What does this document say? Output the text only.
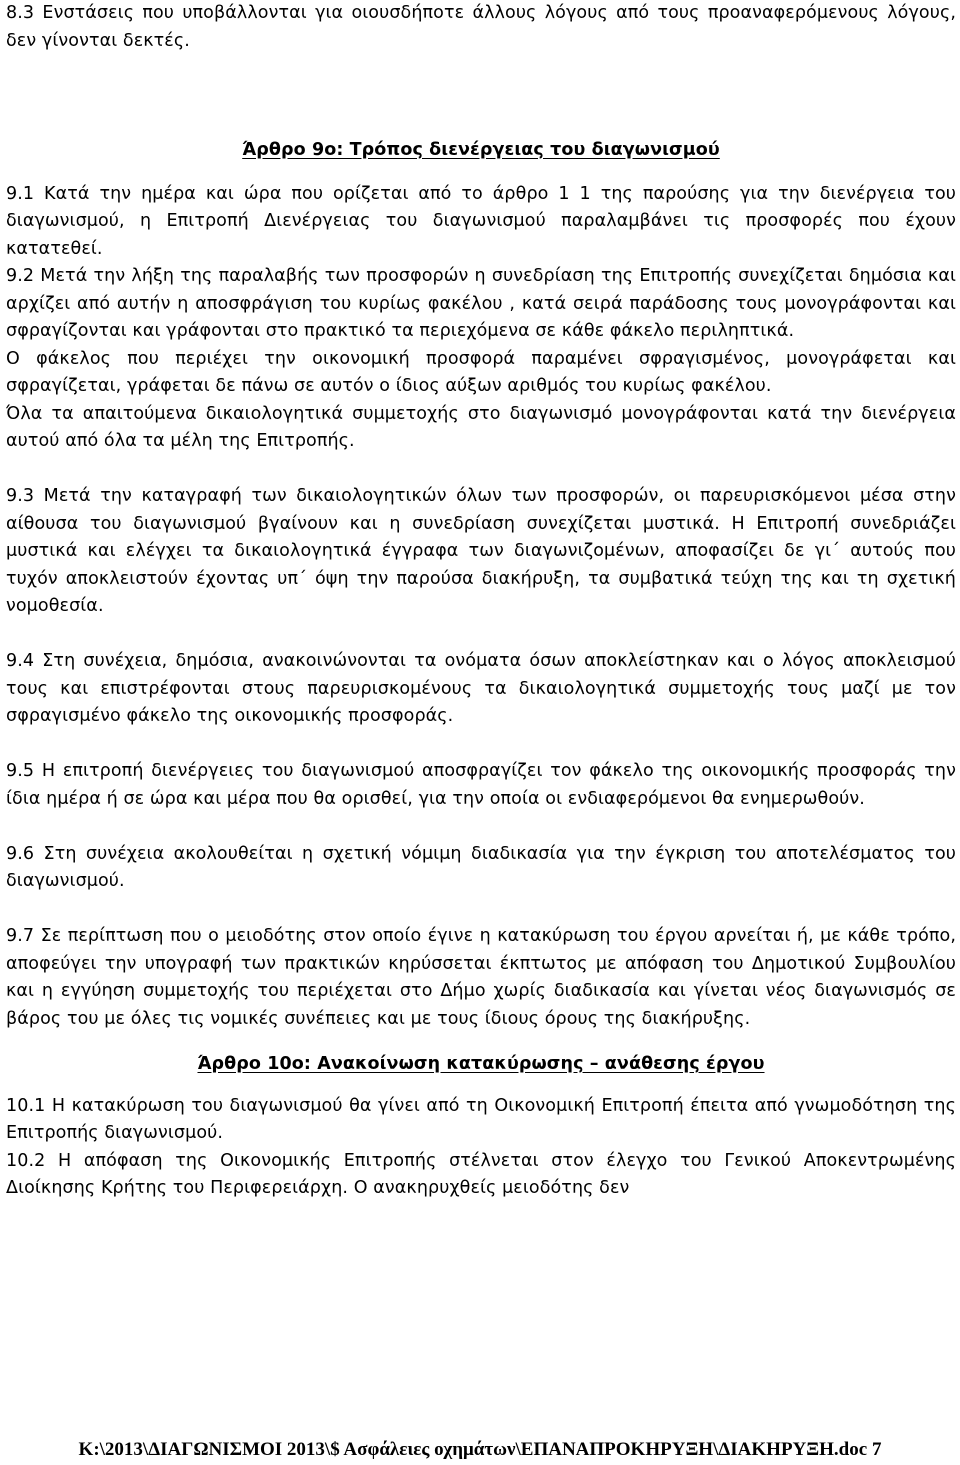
8.3 Ενστάσεις που υποβάλλονται για οιουσδήποτε άλλους λόγους από τους προαναφερόμενους λόγους, δεν γίνονται δεκτές.

Άρθρο 9ο: Τρόπος διενέργειας του διαγωνισμού

9.1 Κατά την ημέρα και ώρα που ορίζεται από το άρθρο 1 1 της παρούσης για την διενέργεια του διαγωνισμού, η Επιτροπή Διενέργειας του διαγωνισμού παραλαμβάνει τις προσφορές που έχουν κατατεθεί.

9.2 Μετά την λήξη της παραλαβής των προσφορών η συνεδρίαση της Επιτροπής συνεχίζεται δημόσια και αρχίζει από αυτήν η αποσφράγιση του κυρίως φακέλου , κατά σειρά παράδοσης τους μονογράφονται και σφραγίζονται και γράφονται στο πρακτικό τα περιεχόμενα σε κάθε φάκελο περιληπτικά.

Ο φάκελος που περιέχει την οικονομική προσφορά παραμένει σφραγισμένος, μονογράφεται και σφραγίζεται, γράφεται δε πάνω σε αυτόν ο ίδιος αύξων αριθμός του κυρίως φακέλου.

Όλα τα απαιτούμενα δικαιολογητικά συμμετοχής στο διαγωνισμό μονογράφονται κατά την διενέργεια αυτού από όλα τα μέλη της Επιτροπής.

9.3 Μετά την καταγραφή των δικαιολογητικών όλων των προσφορών, οι παρευρισκόμενοι μέσα στην αίθουσα του διαγωνισμού βγαίνουν και η συνεδρίαση συνεχίζεται μυστικά. Η Επιτροπή συνεδριάζει μυστικά και ελέγχει τα δικαιολογητικά έγγραφα των διαγωνιζομένων, αποφασίζει δε γι΄ αυτούς που τυχόν αποκλειστούν έχοντας υπ΄ όψη την παρούσα διακήρυξη, τα συμβατικά τεύχη της και τη σχετική νομοθεσία.

9.4 Στη συνέχεια, δημόσια, ανακοινώνονται τα ονόματα όσων αποκλείστηκαν και ο λόγος αποκλεισμού τους και επιστρέφονται στους παρευρισκομένους τα δικαιολογητικά συμμετοχής τους μαζί με τον σφραγισμένο φάκελο της οικονομικής προσφοράς.

9.5 Η επιτροπή διενέργειες του διαγωνισμού αποσφραγίζει τον φάκελο της οικονομικής προσφοράς την ίδια ημέρα ή σε ώρα και μέρα που θα ορισθεί, για την οποία οι ενδιαφερόμενοι θα ενημερωθούν.

9.6 Στη συνέχεια ακολουθείται η σχετική νόμιμη διαδικασία για την έγκριση του αποτελέσματος του διαγωνισμού.

9.7 Σε περίπτωση που ο μειοδότης στον οποίο έγινε η κατακύρωση του έργου αρνείται ή, με κάθε τρόπο, αποφεύγει την υπογραφή των πρακτικών κηρύσσεται έκπτωτος με απόφαση του Δημοτικού Συμβουλίου και η εγγύηση συμμετοχής του περιέχεται στο Δήμο χωρίς διαδικασία και γίνεται νέος διαγωνισμός σε βάρος του με όλες τις νομικές συνέπειες και με τους ίδιους όρους της διακήρυξης.

Άρθρο 10ο: Ανακοίνωση κατακύρωσης – ανάθεσης έργου

10.1 Η κατακύρωση του διαγωνισμού θα γίνει από τη Οικονομική Επιτροπή έπειτα από γνωμοδότηση της Επιτροπής διαγωνισμού.

10.2 Η απόφαση της Οικονομικής Επιτροπής στέλνεται στον έλεγχο του Γενικού Αποκεντρωμένης Διοίκησης Κρήτης του Περιφερειάρχη. Ο ανακηρυχθείς μειοδότης δεν

K:\2013\ΔΙΑΓΩΝΙΣΜΟΙ 2013\$ Ασφάλειες οχημάτων\ΕΠΑΝΑΠΡΟΚΗΡΥΞΗ\ΔΙΑΚΗΡΥΞΗ.doc 7
